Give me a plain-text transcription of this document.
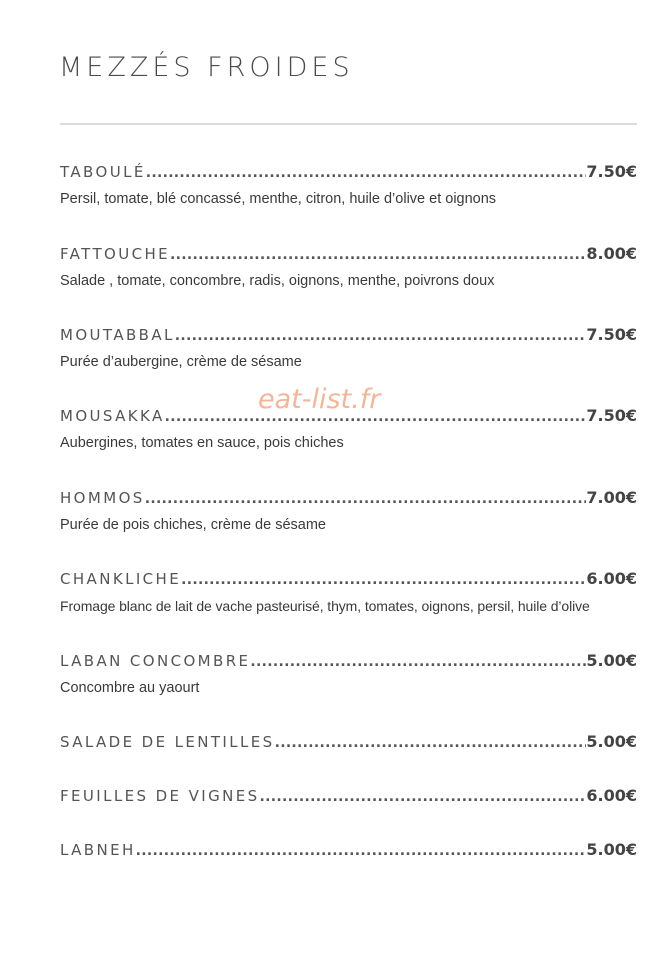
MEZZÉS FROIDES
TABOULÉ .....	7.50€
Persil, tomate, blé concassé, menthe, citron, huile d’olive et oignons
FATTOUCHE .....	8.00€
Salade , tomate, concombre, radis, oignons, menthe, poivrons doux
MOUTABBAL .....	7.50€
Purée d’aubergine, crème de sésame
MOUSAKKA .....	7.50€
Aubergines, tomates en sauce, pois chiches
HOMMOS .....	7.00€
Purée de pois chiches, crème de sésame
CHANKLICHE .....	6.00€
Fromage blanc de lait de vache pasteurisé, thym, tomates, oignons, persil, huile d’olive
LABAN CONCOMBRE .....	5.00€
Concombre au yaourt
SALADE DE LENTILLES .....	5.00€
FEUILLES DE VIGNES .....	6.00€
LABNEH .....	5.00€
eat-list.fr
